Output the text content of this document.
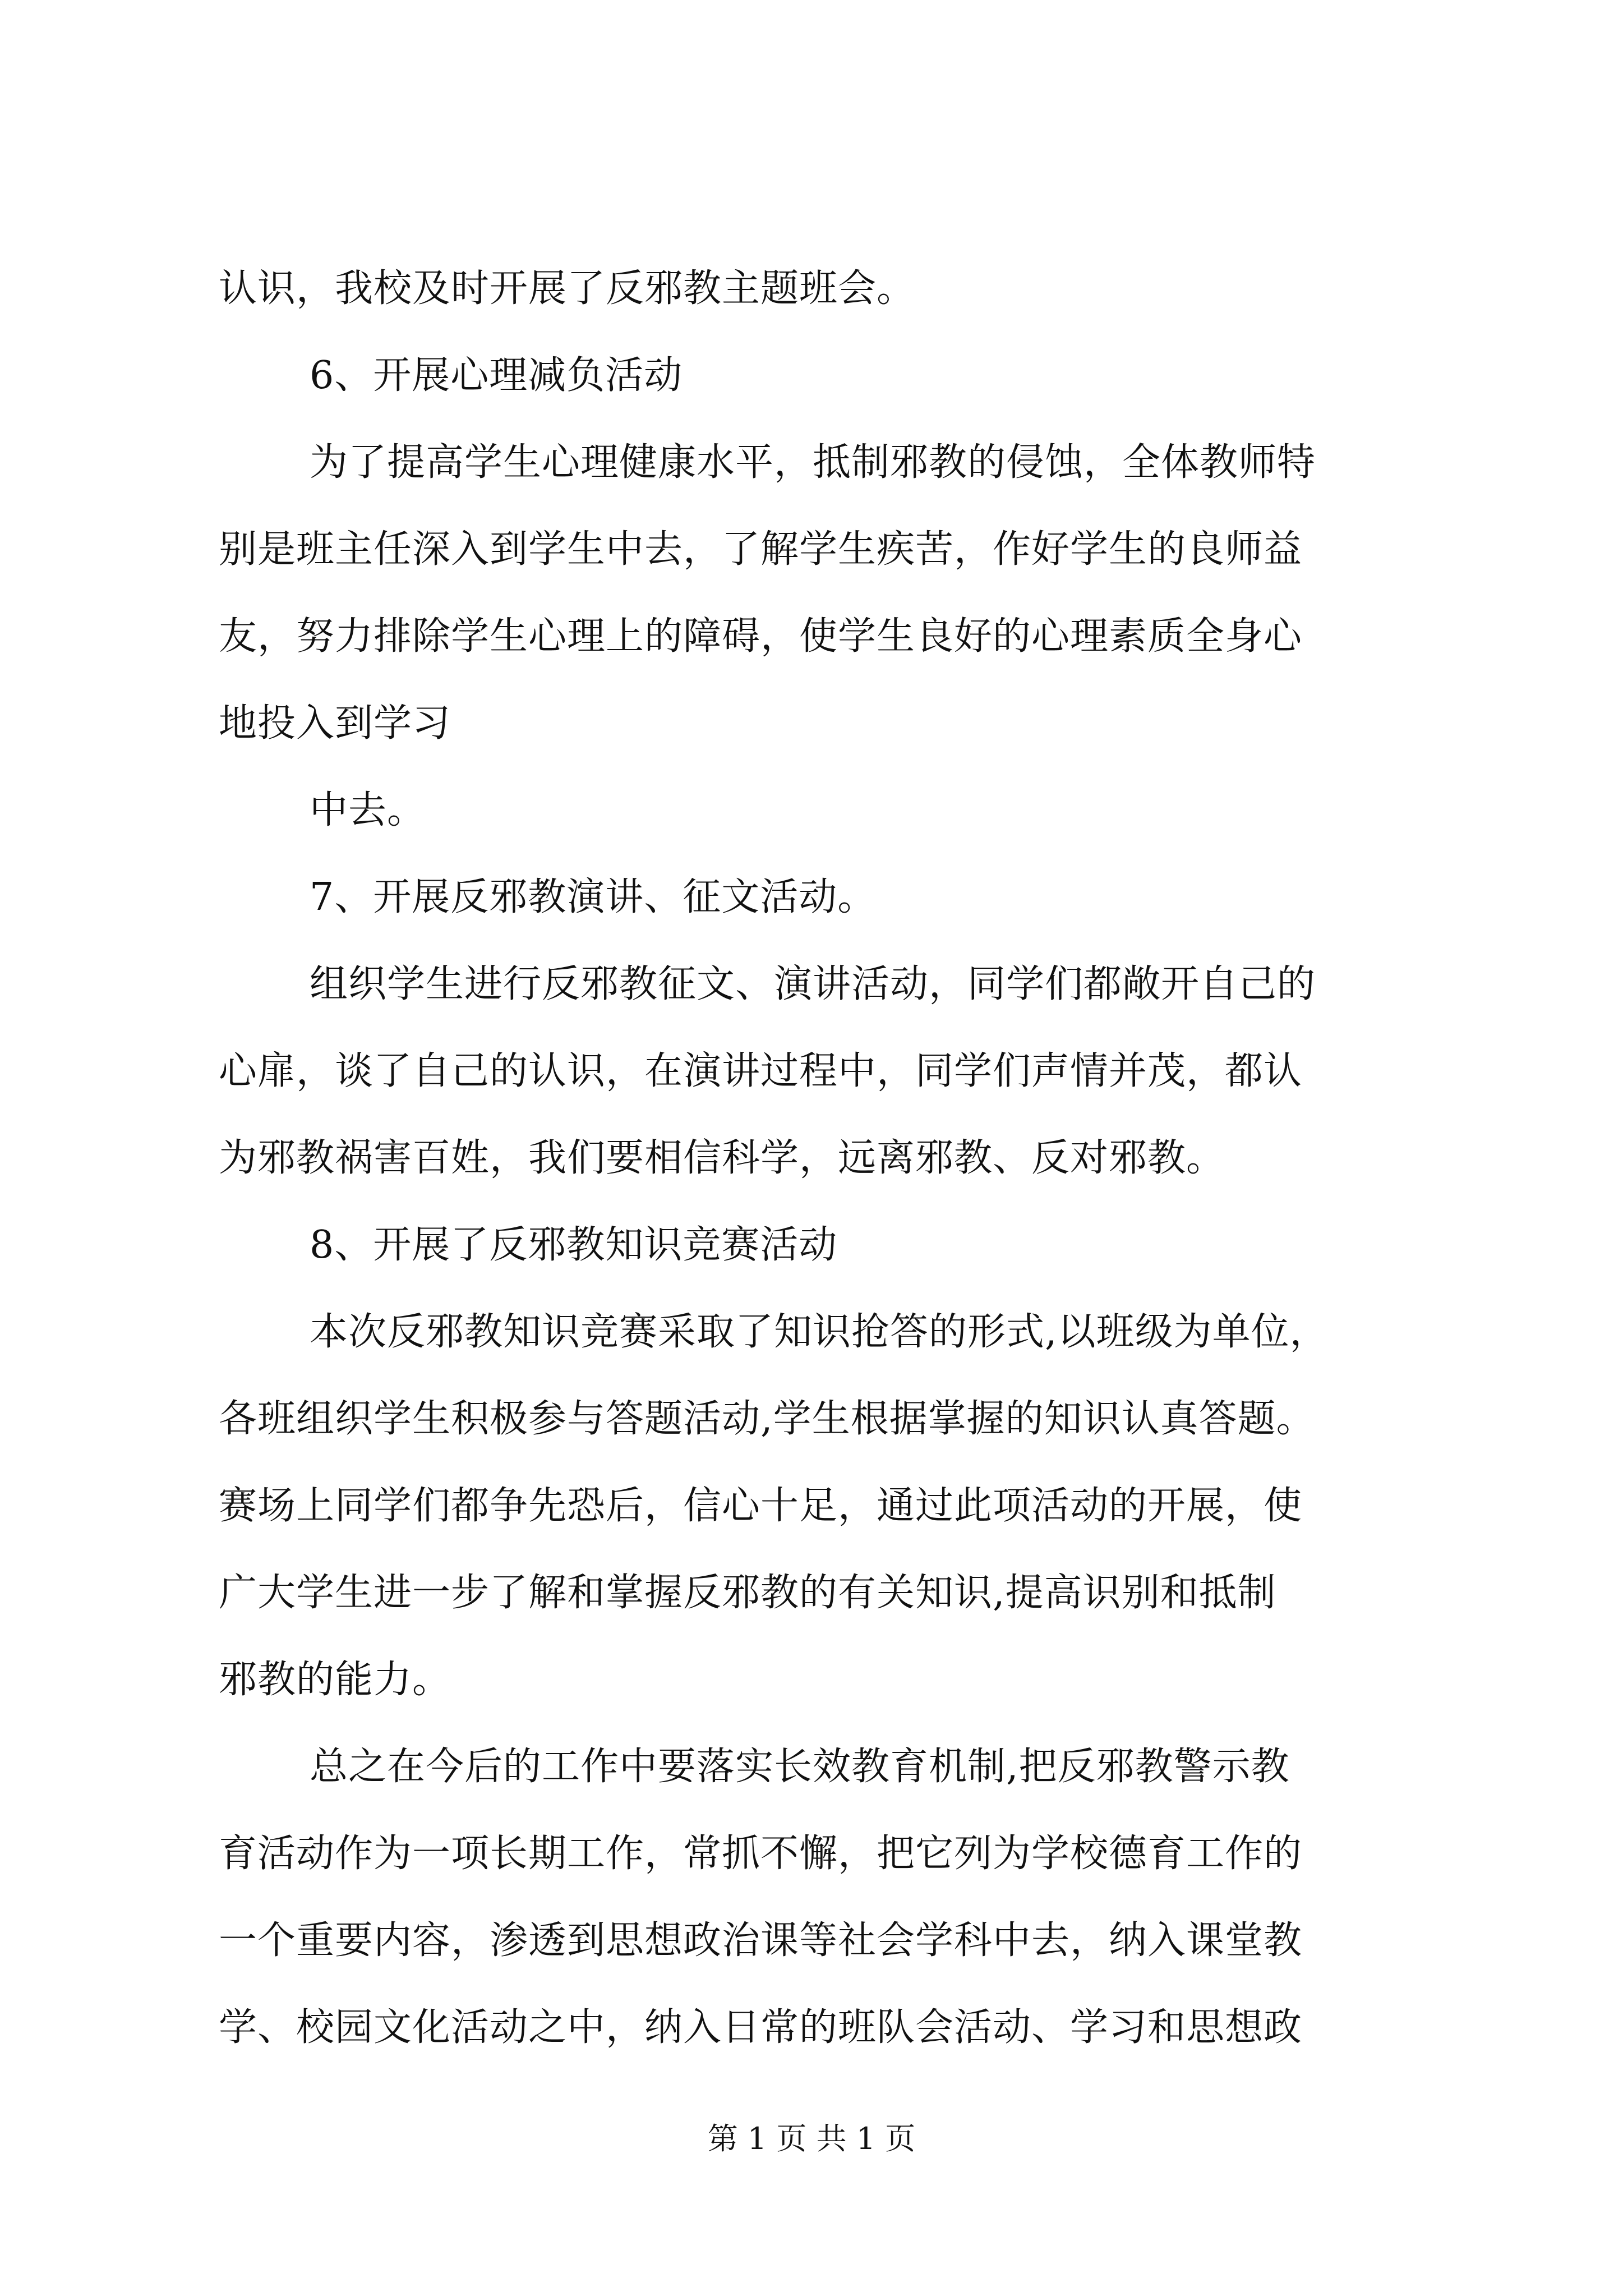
认识，我校及时开展了反邪教主题班会。

6、开展心理减负活动

为了提高学生心理健康水平，抵制邪教的侵蚀，全体教师特

别是班主任深入到学生中去，了解学生疾苦，作好学生的良师益

友，努力排除学生心理上的障碍，使学生良好的心理素质全身心

地投入到学习

中去。

7、开展反邪教演讲、征文活动。

组织学生进行反邪教征文、演讲活动，同学们都敞开自己的

心扉，谈了自己的认识，在演讲过程中，同学们声情并茂，都认

为邪教祸害百姓，我们要相信科学，远离邪教、反对邪教。

8、开展了反邪教知识竞赛活动

本次反邪教知识竞赛采取了知识抢答的形式,以班级为单位，

各班组织学生积极参与答题活动,学生根据掌握的知识认真答题。

赛场上同学们都争先恐后，信心十足，通过此项活动的开展，使

广大学生进一步了解和掌握反邪教的有关知识,提高识别和抵制

邪教的能力。

总之在今后的工作中要落实长效教育机制,把反邪教警示教

育活动作为一项长期工作，常抓不懈，把它列为学校德育工作的

一个重要内容，渗透到思想政治课等社会学科中去，纳入课堂教

学、校园文化活动之中，纳入日常的班队会活动、学习和思想政

第 1 页 共 1 页
